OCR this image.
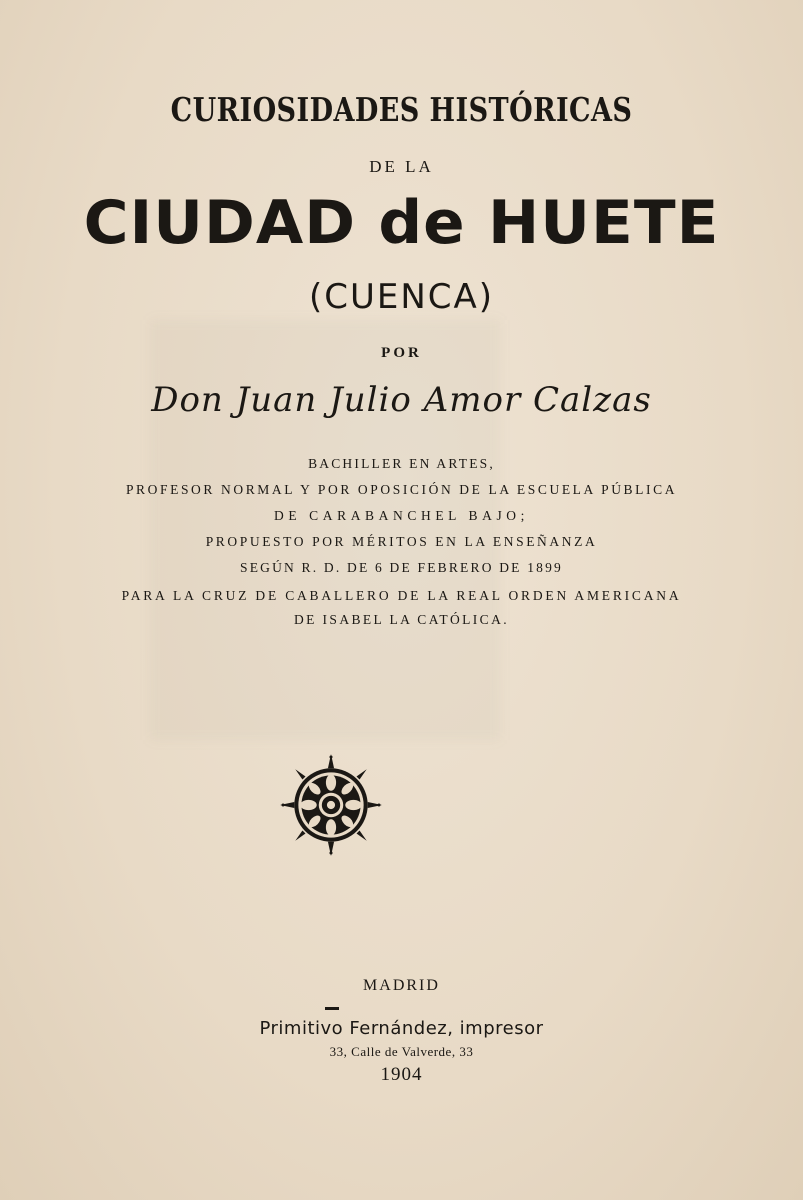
CURIOSIDADES HISTÓRICAS
DE LA
CIUDAD de HUETE
(CUENCA)
POR
Don Juan Julio Amor Calzas
BACHILLER EN ARTES,
PROFESOR NORMAL Y POR OPOSICIÓN DE LA ESCUELA PÚBLICA
DE CARABANCHEL BAJO;
PROPUESTO POR MÉRITOS EN LA ENSEÑANZA
SEGÚN R. D. DE 6 DE FEBRERO DE 1899
PARA LA CRUZ DE CABALLERO DE LA REAL ORDEN AMERICANA
DE ISABEL LA CATÓLICA.
MADRID
Primitivo Fernández, impresor
33, Calle de Valverde, 33
1904
